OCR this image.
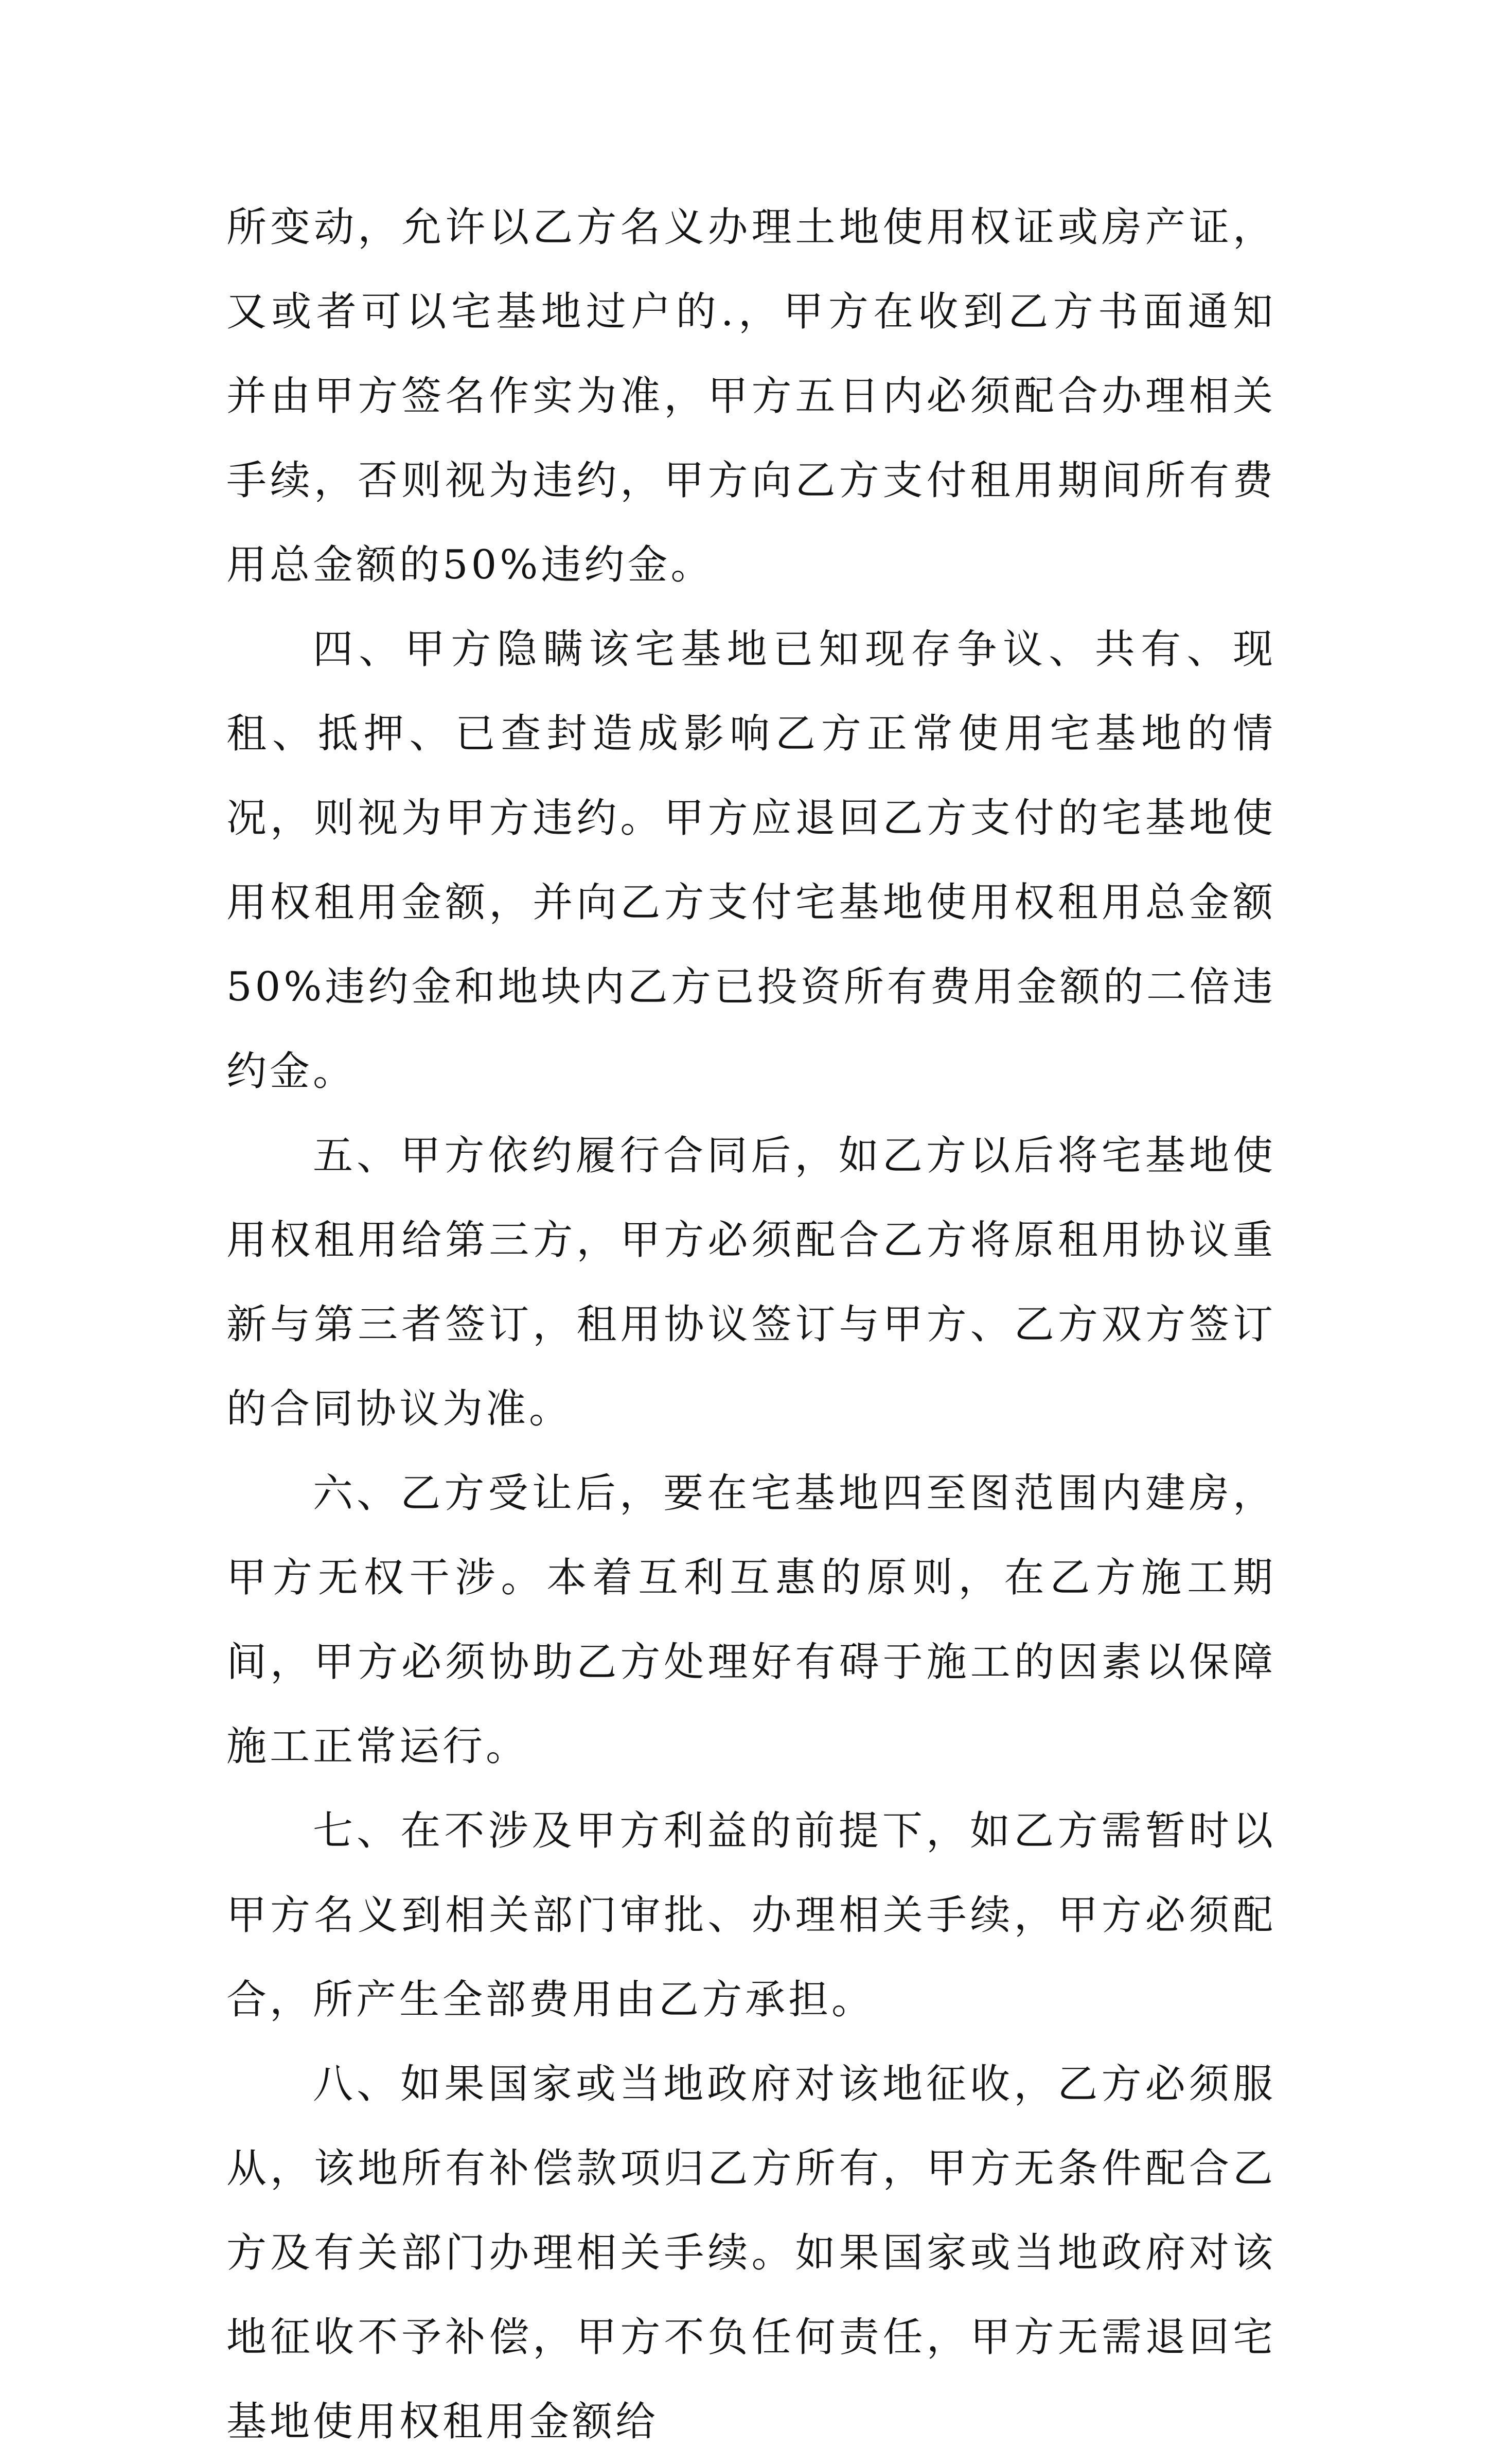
所变动，允许以乙方名义办理土地使用权证或房产证，又或者可以宅基地过户的.，甲方在收到乙方书面通知并由甲方签名作实为准，甲方五日内必须配合办理相关手续，否则视为违约，甲方向乙方支付租用期间所有费用总金额的50%违约金。

四、甲方隐瞒该宅基地已知现存争议、共有、现租、抵押、已查封造成影响乙方正常使用宅基地的情况，则视为甲方违约。甲方应退回乙方支付的宅基地使用权租用金额，并向乙方支付宅基地使用权租用总金额50%违约金和地块内乙方已投资所有费用金额的二倍违约金。

五、甲方依约履行合同后，如乙方以后将宅基地使用权租用给第三方，甲方必须配合乙方将原租用协议重新与第三者签订，租用协议签订与甲方、乙方双方签订的合同协议为准。

六、乙方受让后，要在宅基地四至图范围内建房，甲方无权干涉。本着互利互惠的原则，在乙方施工期间，甲方必须协助乙方处理好有碍于施工的因素以保障施工正常运行。

七、在不涉及甲方利益的前提下，如乙方需暂时以甲方名义到相关部门审批、办理相关手续，甲方必须配合，所产生全部费用由乙方承担。

八、如果国家或当地政府对该地征收，乙方必须服从，该地所有补偿款项归乙方所有，甲方无条件配合乙方及有关部门办理相关手续。如果国家或当地政府对该地征收不予补偿，甲方不负任何责任，甲方无需退回宅基地使用权租用金额给
